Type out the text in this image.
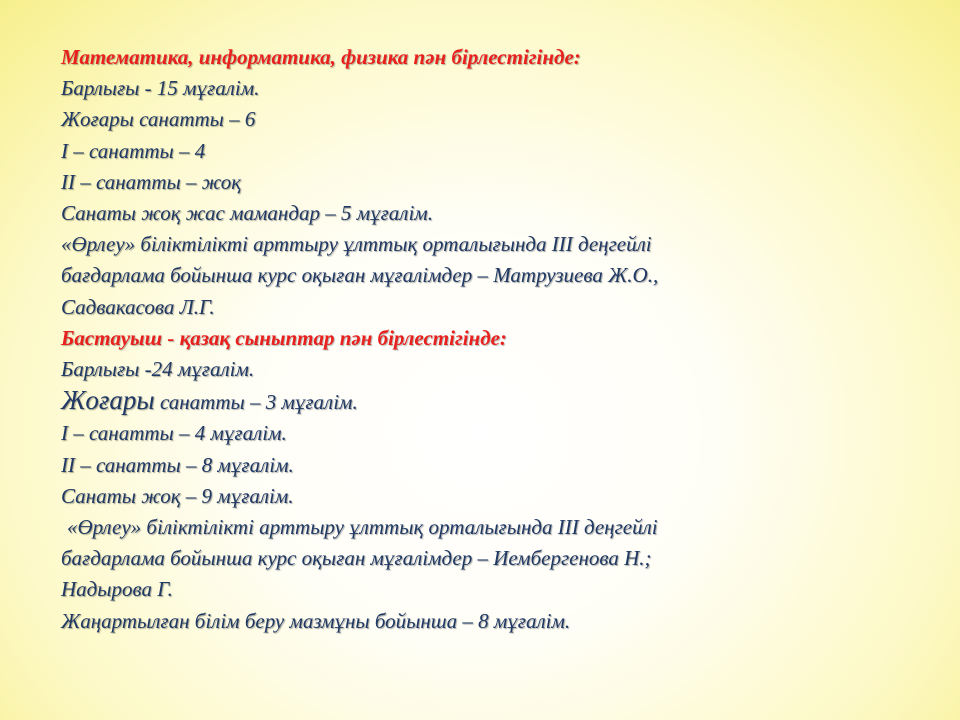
Математика, информатика, физика пән бірлестігінде:
Барлығы - 15 мұғалім.
Жоғары санатты – 6
І – санатты – 4
ІІ – санатты – жоқ
Санаты жоқ жас мамандар – 5 мұғалім.
«Өрлеу» біліктілікті арттыру ұлттық орталығында ІІІ деңгейлі
бағдарлама бойынша курс оқыған мұғалімдер – Матрузиева Ж.О.,
Садвакасова Л.Г.
Бастауыш - қазақ сыныптар пән бірлестігінде:
Барлығы -24 мұғалім.
Жоғары санатты – 3 мұғалім.
І – санатты – 4 мұғалім.
ІІ – санатты – 8 мұғалім.
Санаты жоқ – 9 мұғалім.
«Өрлеу» біліктілікті арттыру ұлттық орталығында ІІІ деңгейлі
бағдарлама бойынша курс оқыған мұғалімдер – Иембергенова Н.;
Надырова Г.
Жаңартылған білім беру мазмұны бойынша – 8 мұғалім.
